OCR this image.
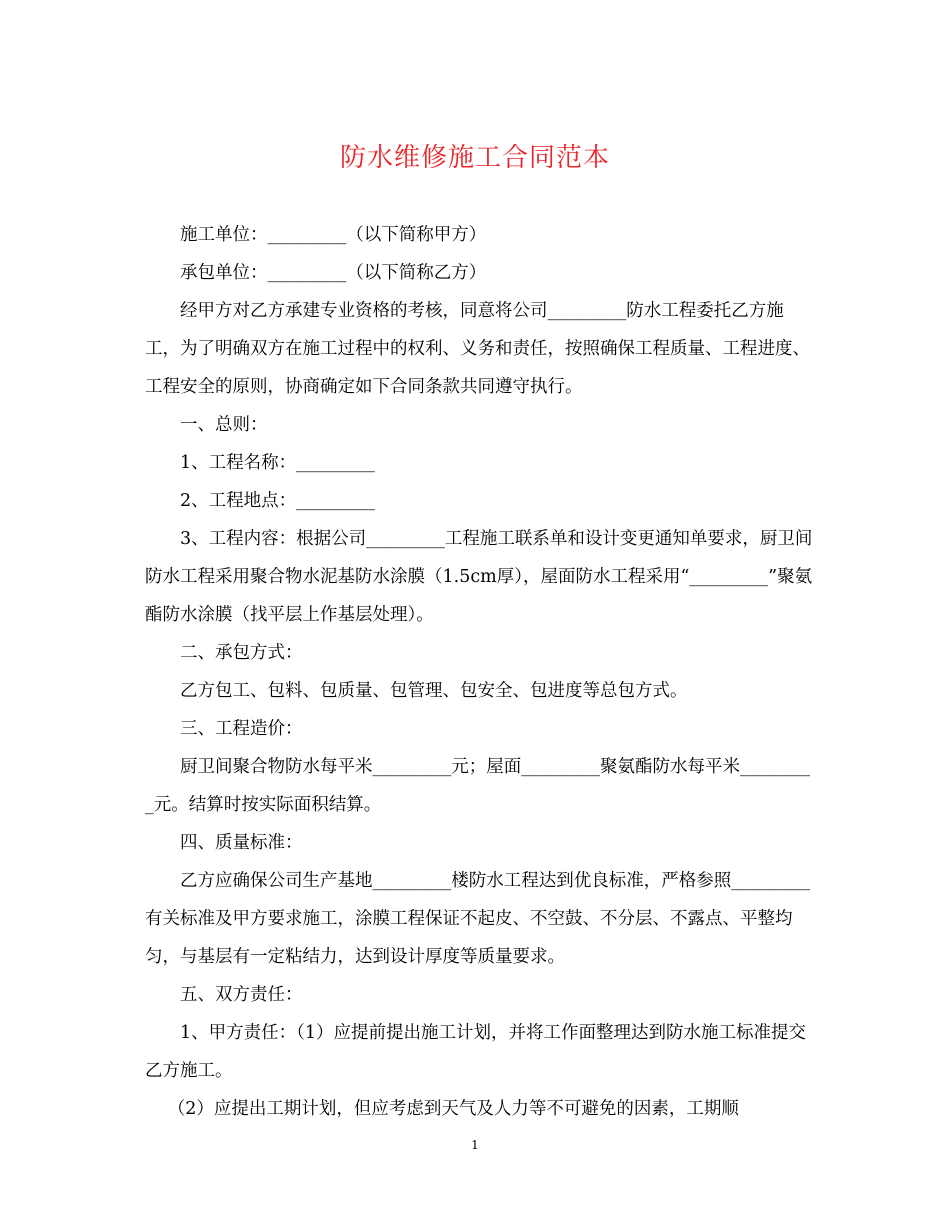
防水维修施工合同范本

施工单位：_________（以下简称甲方）

承包单位：_________（以下简称乙方）

经甲方对乙方承建专业资格的考核，同意将公司_________防水工程委托乙方施工，为了明确双方在施工过程中的权利、义务和责任，按照确保工程质量、工程进度、工程安全的原则，协商确定如下合同条款共同遵守执行。

一、总则：

1、工程名称：_________

2、工程地点：_________

3、工程内容：根据公司_________工程施工联系单和设计变更通知单要求，厨卫间防水工程采用聚合物水泥基防水涂膜（1.5cm厚），屋面防水工程采用“_________”聚氨酯防水涂膜（找平层上作基层处理）。

二、承包方式：

乙方包工、包料、包质量、包管理、包安全、包进度等总包方式。

三、工程造价：

厨卫间聚合物防水每平米_________元；屋面_________聚氨酯防水每平米_________元。结算时按实际面积结算。

四、质量标准：

乙方应确保公司生产基地_________楼防水工程达到优良标准，严格参照_________有关标准及甲方要求施工，涂膜工程保证不起皮、不空鼓、不分层、不露点、平整均匀，与基层有一定粘结力，达到设计厚度等质量要求。

五、双方责任：

1、甲方责任：（1）应提前提出施工计划，并将工作面整理达到防水施工标准提交乙方施工。

（2）应提出工期计划，但应考虑到天气及人力等不可避免的因素，工期顺

1
